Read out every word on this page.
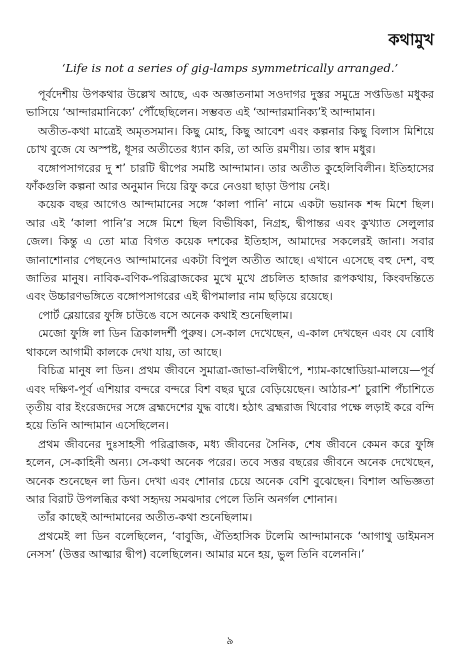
কথামুখ
‘Life is not a series of gig-lamps symmetrically arranged.’

পূর্বদেশীয় উপকথার উল্লেখ আছে, এক অজ্ঞাতনামা সওদাগর দুস্তর সমুদ্রে সপ্তডিঙা মধুকর ভাসিয়ে ‘আন্দারমানিক্যে’ পৌঁছেছিলেন। সম্ভবত এই ‘আন্দারমানিক্য’ই আন্দামান।

অতীত-কথা মাত্রেই অমৃতসমান। কিছু মোহ, কিছু আবেশ এবং কল্পনার কিছু বিলাস মিশিয়ে চোখ বুজে যে অস্পষ্ট, ধূসর অতীতের ধ্যান করি, তা অতি রমণীয়। তার স্বাদ মধুর।

বঙ্গোপসাগরের দু শ’ চারটি দ্বীপের সমষ্টি আন্দামান। তার অতীত কুহেলিবিলীন। ইতিহাসের ফাঁকগুলি কল্পনা আর অনুমান দিয়ে রিফু করে নেওয়া ছাড়া উপায় নেই।

কয়েক বছর আগেও আন্দামানের সঙ্গে ‘কালা পানি’ নামে একটা ভয়ানক শব্দ মিশে ছিল। আর এই ‘কালা পানি’র সঙ্গে মিশে ছিল বিভীষিকা, নিগ্রহ, দ্বীপান্তর এবং কুখ্যাত সেলুলার জেল। কিন্তু এ তো মাত্র বিগত কয়েক দশকের ইতিহাস, আমাদের সকলেরই জানা। সবার জানাশোনার পেছনেও আন্দামানের একটা বিপুল অতীত আছে। এখানে এসেছে বহু দেশ, বহু জাতির মানুষ। নাবিক-বণিক-পরিব্রাজকের মুখে মুখে প্রচলিত হাজার রূপকথায়, কিংবদন্তিতে এবং উচ্চারণভঙ্গিতে বঙ্গোপসাগরের এই দ্বীপমালার নাম ছড়িয়ে রয়েছে।

পোর্ট ব্লেয়ারের ফুঙ্গি চাউঙে বসে অনেক কথাই শুনেছিলাম।

মেজো ফুঙ্গি লা ডিন ত্রিকালদর্শী পুরুষ। সে-কাল দেখেছেন, এ-কাল দেখছেন এবং যে বোধি থাকলে আগামী কালকে দেখা যায়, তা আছে।

বিচিত্র মানুষ লা ডিন। প্রথম জীবনে সুমাত্রা-জাভা-বলিদ্বীপে, শ্যাম-কাম্বোডিয়া-মালয়ে—পূর্ব এবং দক্ষিণ-পূর্ব এশিয়ার বন্দরে বন্দরে বিশ বছর ঘুরে বেড়িয়েছেন। আঠার-শ’ চুরাশি পঁচাশিতে তৃতীয় বার ইংরেজদের সঙ্গে ব্রহ্মদেশের যুদ্ধ বাধে। হঠাৎ ব্রহ্মরাজ থিবোর পক্ষে লড়াই করে বন্দি হয়ে তিনি আন্দামান এসেছিলেন।

প্রথম জীবনের দুঃসাহসী পরিব্রাজক, মধ্য জীবনের সৈনিক, শেষ জীবনে কেমন করে ফুঙ্গি হলেন, সে-কাহিনী অন্য। সে-কথা অনেক পরের। তবে সত্তর বছরের জীবনে অনেক দেখেছেন, অনেক শুনেছেন লা ডিন। দেখা এবং শোনার চেয়ে অনেক বেশি বুঝেছেন। বিশাল অভিজ্ঞতা আর বিরাট উপলব্ধির কথা সহৃদয় সমঝদার পেলে তিনি অনর্গল শোনান।

তাঁর কাছেই আন্দামানের অতীত-কথা শুনেছিলাম।

প্রথমেই লা ডিন বলেছিলেন, ‘বাবুজি, ঐতিহাসিক টলেমি আন্দামানকে ‘আগাথু ডাইমনস নেসস’ (উত্তর আত্মার দ্বীপ) বলেছিলেন। আমার মনে হয়, ভুল তিনি বলেননি।’

৯
